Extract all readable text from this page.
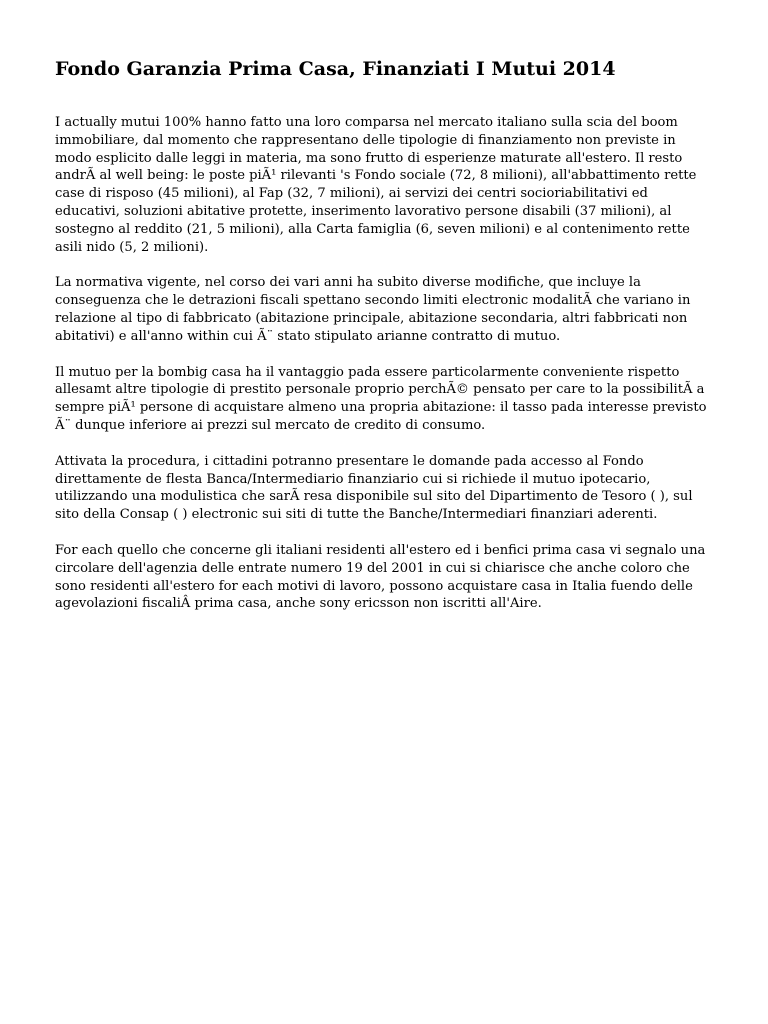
Fondo Garanzia Prima Casa, Finanziati I Mutui 2014

I actually mutui 100% hanno fatto una loro comparsa nel mercato italiano sulla scia del boom immobiliare, dal momento che rappresentano delle tipologie di finanziamento non previste in modo esplicito dalle leggi in materia, ma sono frutto di esperienze maturate all'estero. Il resto andrÃ al well being: le poste piÃ¹ rilevanti 's Fondo sociale (72, 8 milioni), all'abbattimento rette case di risposo (45 milioni), al Fap (32, 7 milioni), ai servizi dei centri socioriabilitativi ed educativi, soluzioni abitative protette, inserimento lavorativo persone disabili (37 milioni), al sostegno al reddito (21, 5 milioni), alla Carta famiglia (6, seven milioni) e al contenimento rette asili nido (5, 2 milioni).

La normativa vigente, nel corso dei vari anni ha subito diverse modifiche, que incluye la conseguenza che le detrazioni fiscali spettano secondo limiti electronic modalitÃ che variano in relazione al tipo di fabbricato (abitazione principale, abitazione secondaria, altri fabbricati non abitativi) e all'anno within cui Ã¨ stato stipulato arianne contratto di mutuo.

Il mutuo per la bombig casa ha il vantaggio pada essere particolarmente conveniente rispetto allesamt altre tipologie di prestito personale proprio perchÃ© pensato per care to la possibilitÃ a sempre piÃ¹ persone di acquistare almeno una propria abitazione: il tasso pada interesse previsto Ã¨ dunque inferiore ai prezzi sul mercato de credito di consumo.

Attivata la procedura, i cittadini potranno presentare le domande pada accesso al Fondo direttamente de flesta Banca/Intermediario finanziario cui si richiede il mutuo ipotecario, utilizzando una modulistica che sarÃ resa disponibile sul sito del Dipartimento de Tesoro ( ), sul sito della Consap ( ) electronic sui siti di tutte the Banche/Intermediari finanziari aderenti.

For each quello che concerne gli italiani residenti all'estero ed i benfici prima casa vi segnalo una circolare dell'agenzia delle entrate numero 19 del 2001 in cui si chiarisce che anche coloro che sono residenti all'estero for each motivi di lavoro, possono acquistare casa in Italia fuendo delle agevolazioni fiscaliÂ prima casa, anche sony ericsson non iscritti all'Aire.
